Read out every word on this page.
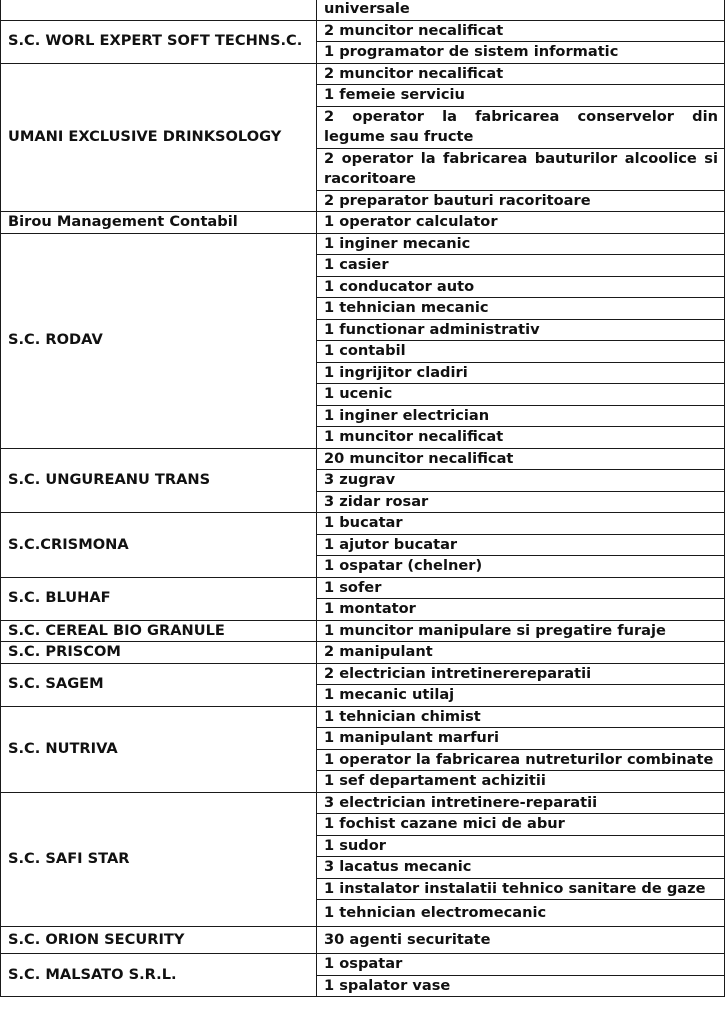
	universale
S.C. WORL EXPERT SOFT TECHNS.C.	2 muncitor necalificat
	1 programator de sistem informatic
UMANI EXCLUSIVE DRINKSOLOGY	2 muncitor necalificat
	1 femeie serviciu
	2 operator la fabricarea conservelor din legume sau fructe
	2 operator la fabricarea bauturilor alcoolice si racoritoare
	2 preparator bauturi racoritoare
Birou Management Contabil	1 operator calculator
S.C. RODAV	1 inginer mecanic
	1 casier
	1 conducator auto
	1 tehnician mecanic
	1 functionar administrativ
	1 contabil
	1 ingrijitor cladiri
	1 ucenic
	1 inginer electrician
	1 muncitor necalificat
S.C. UNGUREANU TRANS	20 muncitor necalificat
	3 zugrav
	3 zidar rosar
S.C.CRISMONA	1 bucatar
	1 ajutor bucatar
	1 ospatar (chelner)
S.C. BLUHAF	1 sofer
	1 montator
S.C. CEREAL BIO GRANULE	1 muncitor manipulare si pregatire furaje
S.C. PRISCOM	2 manipulant
S.C. SAGEM	2 electrician intretinerereparatii
	1 mecanic utilaj
S.C. NUTRIVA	1 tehnician chimist
	1 manipulant marfuri
	1 operator la fabricarea nutreturilor combinate
	1 sef departament achizitii
S.C. SAFI STAR	3 electrician intretinere-reparatii
	1 fochist cazane mici de abur
	1 sudor
	3 lacatus mecanic
	1 instalator instalatii tehnico sanitare de gaze
	1 tehnician electromecanic
S.C. ORION SECURITY	30 agenti securitate
S.C. MALSATO S.R.L.	1 ospatar
	1 spalator vase
